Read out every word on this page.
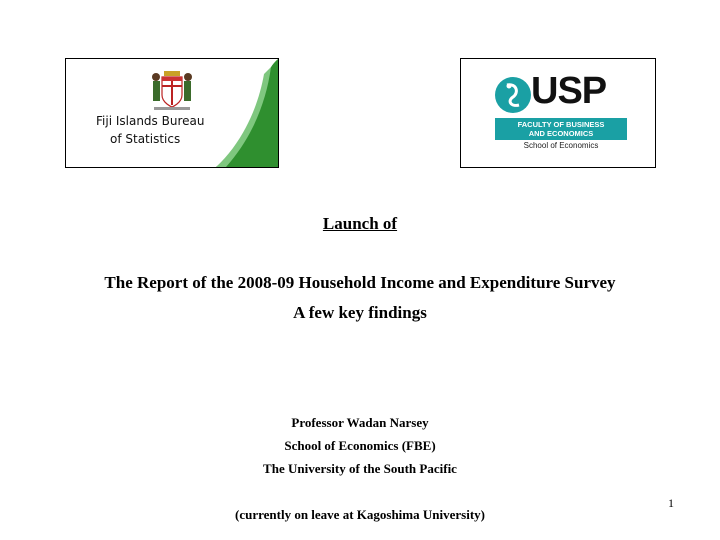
Fiji Islands Bureau
of Statistics
USP
FACULTY OF BUSINESS
AND ECONOMICS
School of Economics
Launch of
The Report of the 2008-09 Household Income and Expenditure Survey
A few key findings
Professor Wadan Narsey
School of Economics (FBE)
The University of the South Pacific
(currently on leave at Kagoshima University)
1
